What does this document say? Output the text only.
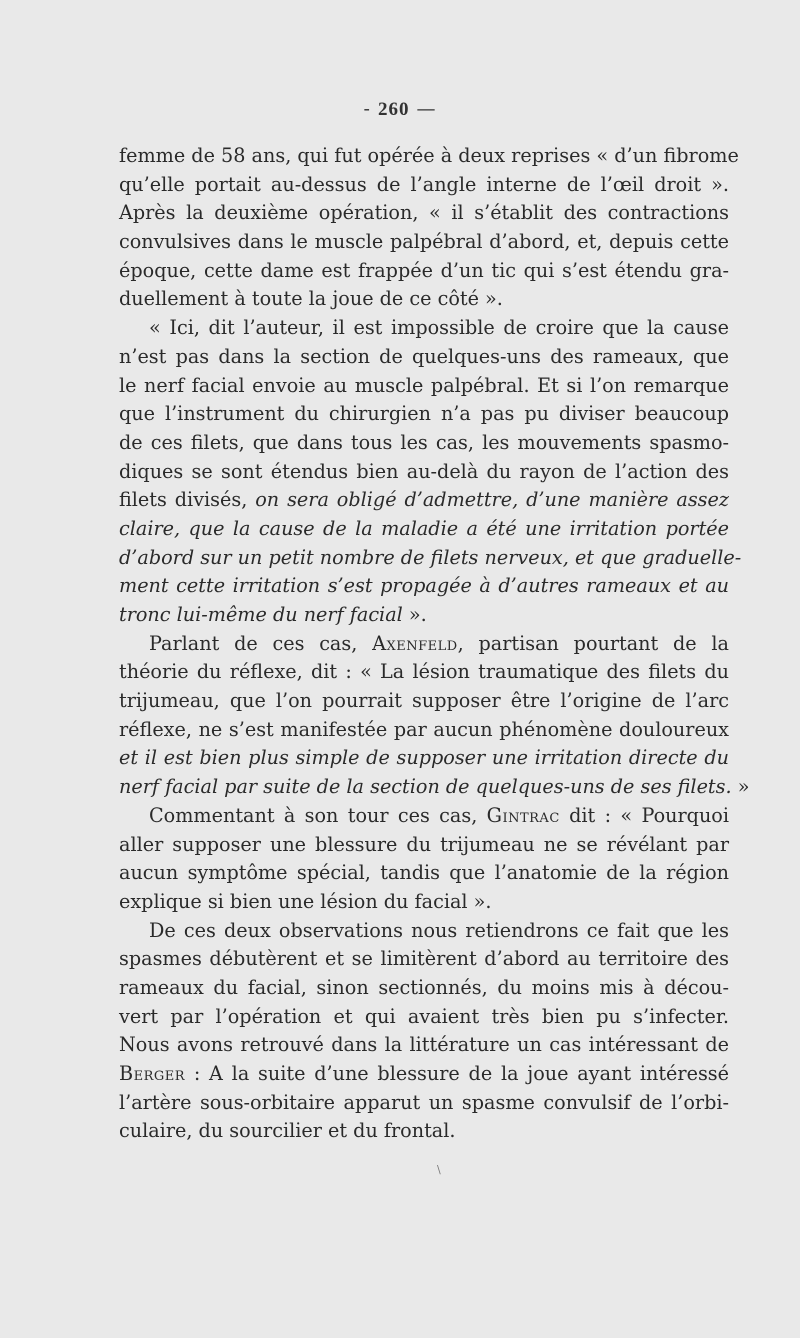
- 260 —
femme de 58 ans, qui fut opérée à deux reprises « d’un fibrome
qu’elle portait au-dessus de l’angle interne de l’œil droit ».
Après la deuxième opération, « il s’établit des contractions
convulsives dans le muscle palpébral d’abord, et, depuis cette
époque, cette dame est frappée d’un tic qui s’est étendu gra-
duellement à toute la joue de ce côté ».
« Ici, dit l’auteur, il est impossible de croire que la cause
n’est pas dans la section de quelques-uns des rameaux, que
le nerf facial envoie au muscle palpébral. Et si l’on remarque
que l’instrument du chirurgien n’a pas pu diviser beaucoup
de ces filets, que dans tous les cas, les mouvements spasmo-
diques se sont étendus bien au-delà du rayon de l’action des
filets divisés, on sera obligé d’admettre, d’une manière assez
claire, que la cause de la maladie a été une irritation portée
d’abord sur un petit nombre de filets nerveux, et que graduelle-
ment cette irritation s’est propagée à d’autres rameaux et au
tronc lui-même du nerf facial ».
Parlant de ces cas, Axenfeld, partisan pourtant de la
théorie du réflexe, dit : « La lésion traumatique des filets du
trijumeau, que l’on pourrait supposer être l’origine de l’arc
réflexe, ne s’est manifestée par aucun phénomène douloureux
et il est bien plus simple de supposer une irritation directe du
nerf facial par suite de la section de quelques-uns de ses filets. »
Commentant à son tour ces cas, Gintrac dit : « Pourquoi
aller supposer une blessure du trijumeau ne se révélant par
aucun symptôme spécial, tandis que l’anatomie de la région
explique si bien une lésion du facial ».
De ces deux observations nous retiendrons ce fait que les
spasmes débutèrent et se limitèrent d’abord au territoire des
rameaux du facial, sinon sectionnés, du moins mis à décou-
vert par l’opération et qui avaient très bien pu s’infecter.
Nous avons retrouvé dans la littérature un cas intéressant de
Berger : A la suite d’une blessure de la joue ayant intéressé
l’artère sous-orbitaire apparut un spasme convulsif de l’orbi-
culaire, du sourcilier et du frontal.
\
